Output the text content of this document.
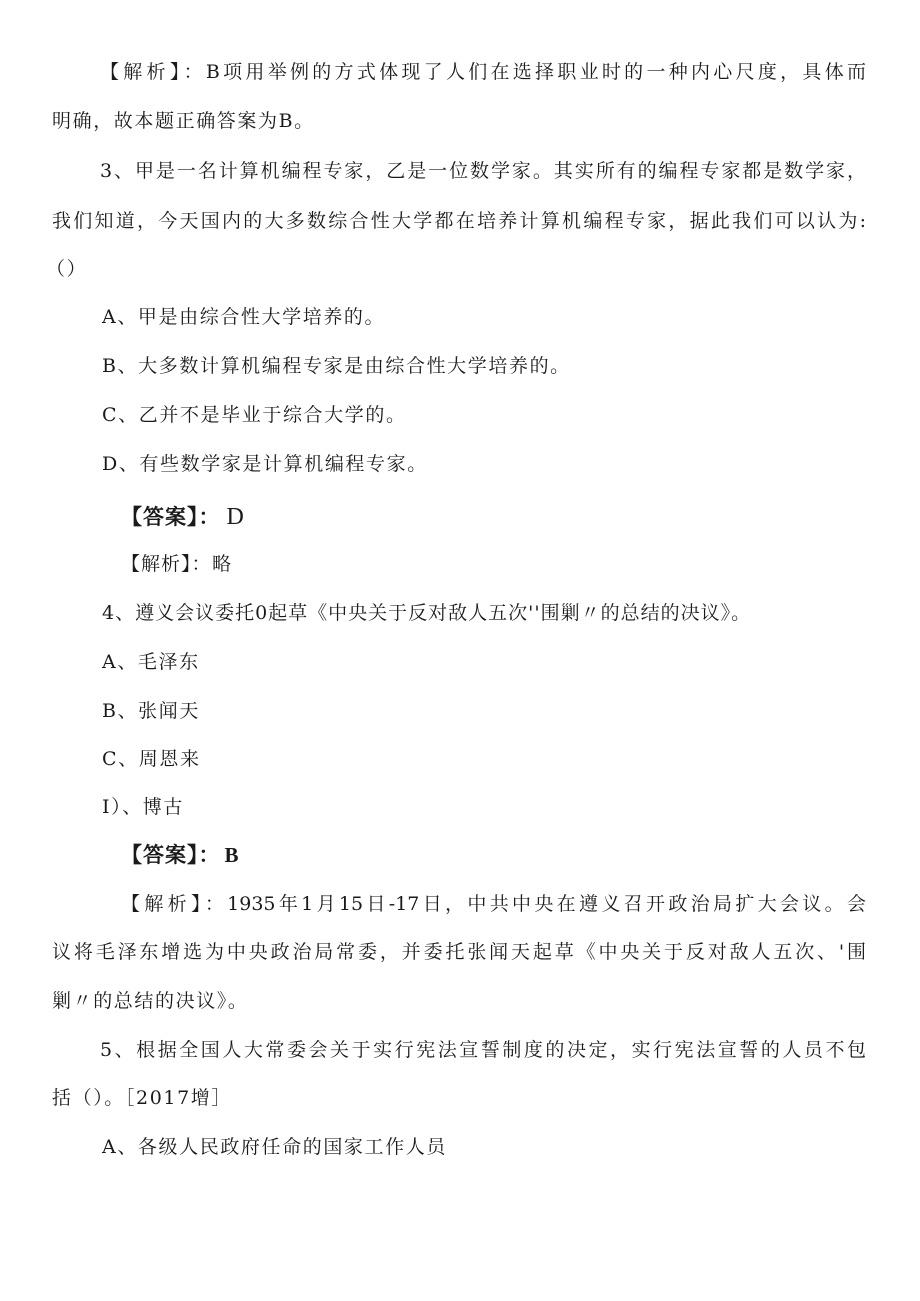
【解析】：B项用举例的方式体现了人们在选择职业时的一种内心尺度，具体而
明确，故本题正确答案为B。
3、甲是一名计算机编程专家，乙是一位数学家。其实所有的编程专家都是数学家，
我们知道，今天国内的大多数综合性大学都在培养计算机编程专家，据此我们可以认为:
（）
A、甲是由综合性大学培养的。
B、大多数计算机编程专家是由综合性大学培养的。
C、乙并不是毕业于综合大学的。
D、有些数学家是计算机编程专家。
【答案】： D
【解析】：略
4、遵义会议委托0起草《中央关于反对敌人五次''围剿〃的总结的决议》。
A、毛泽东
B、张闻天
C、周恩来
I）、博古
【答案】： B
【解析】：1935年1月15日-17日，中共中央在遵义召开政治局扩大会议。会
议将毛泽东增选为中央政治局常委，并委托张闻天起草《中央关于反对敌人五次、'围
剿〃的总结的决议》。
5、根据全国人大常委会关于实行宪法宣誓制度的决定，实行宪法宣誓的人员不包
括（）。［2017增］
A、各级人民政府任命的国家工作人员
